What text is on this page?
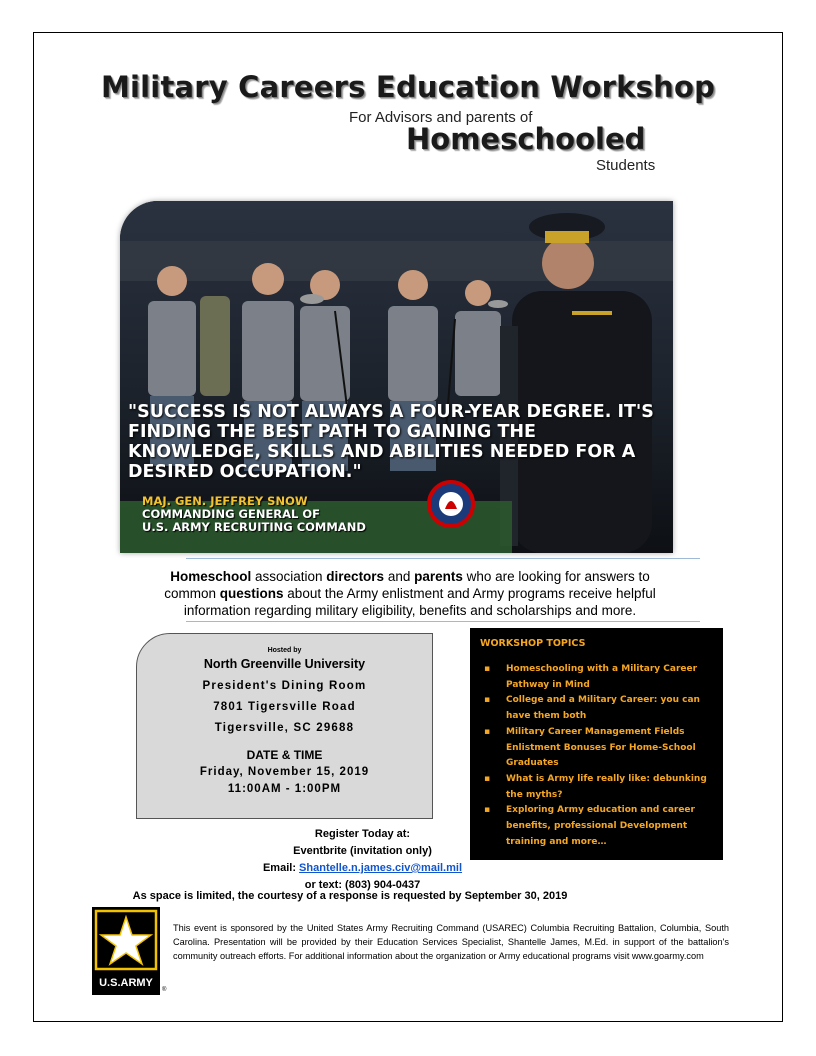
Military Careers Education Workshop
For Advisors and parents of
Homeschooled
Students
"SUCCESS IS NOT ALWAYS A FOUR-YEAR DEGREE. IT'S FINDING THE BEST PATH TO GAINING THE KNOWLEDGE, SKILLS AND ABILITIES NEEDED FOR A DESIRED OCCUPATION."
MAJ. GEN. JEFFREY SNOW
COMMANDING GENERAL OF
U.S. ARMY RECRUITING COMMAND
Homeschool association directors and parents who are looking for answers to common questions about the Army enlistment and Army programs receive helpful information regarding military eligibility, benefits and scholarships and more.
Hosted by
North Greenville University
President's Dining Room
7801 Tigersville Road
Tigersville, SC 29688
DATE & TIME
Friday, November 15, 2019
11:00AM - 1:00PM
WORKSHOP TOPICS
▪ Homeschooling with a Military Career Pathway in Mind
▪ College and a Military Career: you can have them both
▪ Military Career Management Fields Enlistment Bonuses For Home-School Graduates
▪ What is Army life really like: debunking the myths?
▪ Exploring Army education and career benefits, professional Development training and more…
Register Today at:
Eventbrite (invitation only)
Email: Shantelle.n.james.civ@mail.mil
or text: (803) 904-0437
As space is limited, the courtesy of a response is requested by September 30, 2019
U.S.ARMY
®
This event is sponsored by the United States Army Recruiting Command (USAREC) Columbia Recruiting Battalion, Columbia, South Carolina. Presentation will be provided by their Education Services Specialist, Shantelle James, M.Ed. in support of the battalion's community outreach efforts. For additional information about the organization or Army educational programs visit www.goarmy.com
